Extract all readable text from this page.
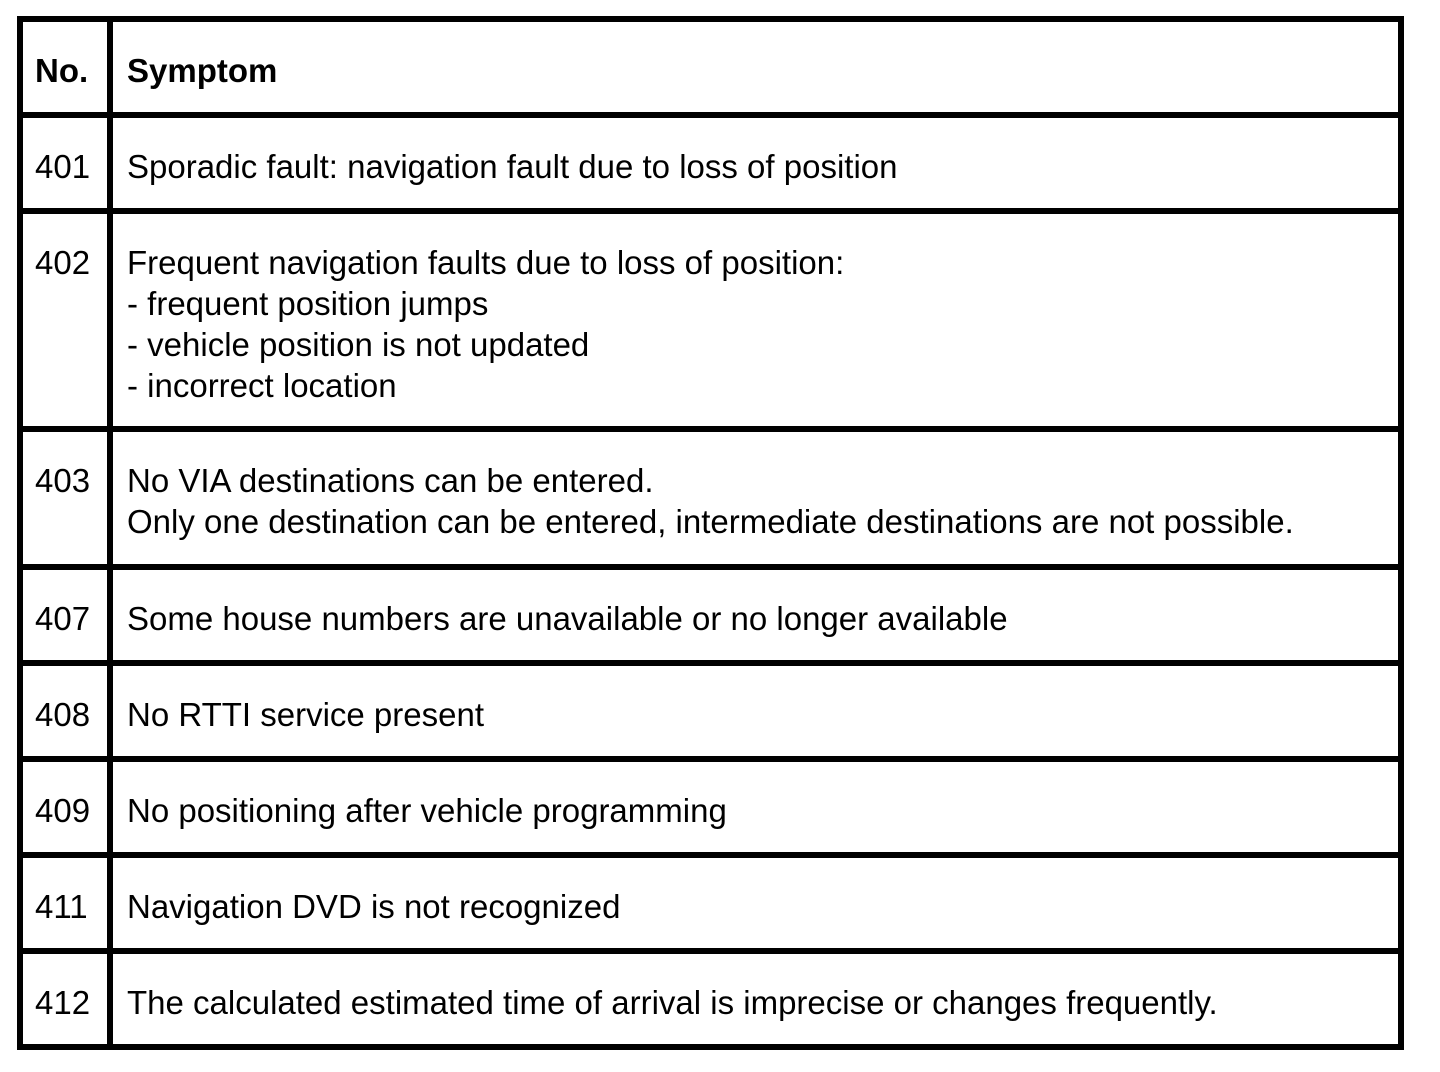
No.	Symptom

401	Sporadic fault: navigation fault due to loss of position

402	Frequent navigation faults due to loss of position:
- frequent position jumps
- vehicle position is not updated
- incorrect location

403	No VIA destinations can be entered.
Only one destination can be entered, intermediate destinations are not possible.

407	Some house numbers are unavailable or no longer available

408	No RTTI service present

409	No positioning after vehicle programming

411	Navigation DVD is not recognized

412	The calculated estimated time of arrival is imprecise or changes frequently.
